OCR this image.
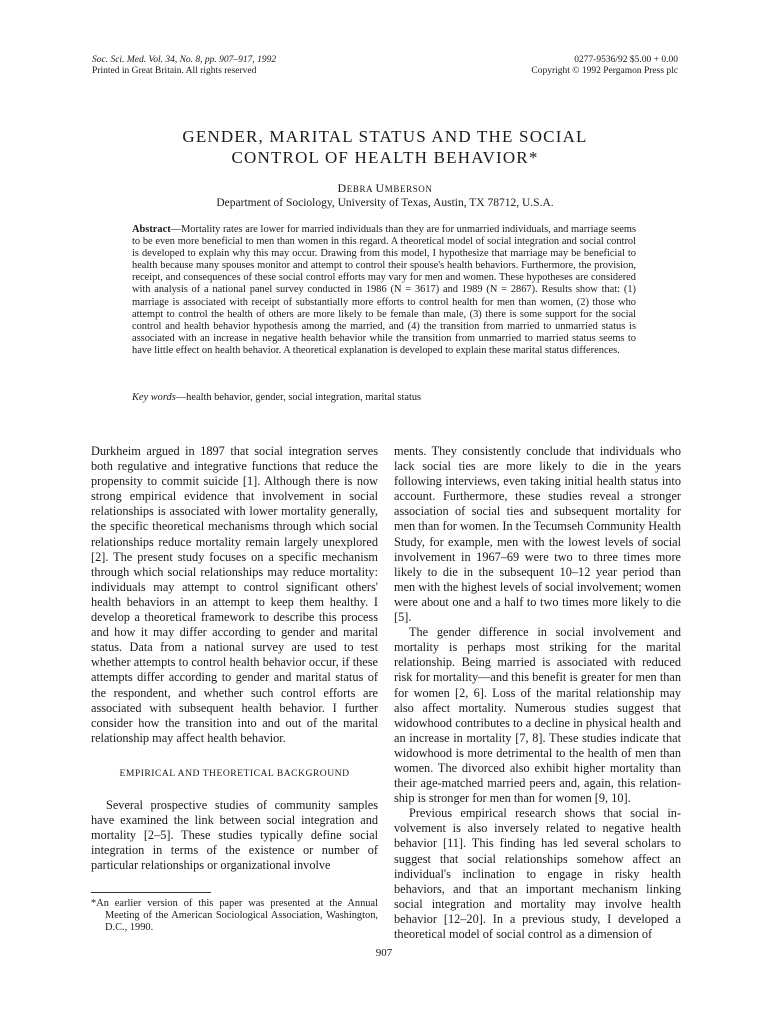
Soc. Sci. Med. Vol. 34, No. 8, pp. 907–917, 1992
Printed in Great Britain. All rights reserved
0277-9536/92 $5.00 + 0.00
Copyright © 1992 Pergamon Press plc
GENDER, MARITAL STATUS AND THE SOCIAL
CONTROL OF HEALTH BEHAVIOR*
DEBRA UMBERSON
Department of Sociology, University of Texas, Austin, TX 78712, U.S.A.
Abstract—Mortality rates are lower for married individuals than they are for unmarried individuals, and marriage seems to be even more beneficial to men than women in this regard. A theoretical model of social integration and social control is developed to explain why this may occur. Drawing from this model, I hypothesize that marriage may be beneficial to health because many spouses monitor and attempt to control their spouse's health behaviors. Furthermore, the provision, receipt, and consequences of these social control efforts may vary for men and women. These hypotheses are considered with analysis of a national panel survey conducted in 1986 (N = 3617) and 1989 (N = 2867). Results show that: (1) marriage is associated with receipt of substantially more efforts to control health for men than women, (2) those who attempt to control the health of others are more likely to be female than male, (3) there is some support for the social control and health behavior hypothesis among the married, and (4) the transition from married to unmarried status is associated with an increase in negative health behavior while the transition from unmarried to married status seems to have little effect on health behavior. A theoretical explanation is developed to explain these marital status differences.
Key words—health behavior, gender, social integration, marital status

Durkheim argued in 1897 that social integration serves both regulative and integrative functions that reduce the propensity to commit suicide [1]. Although there is now strong empirical evidence that involvement in social relationships is associated with lower mortality generally, the specific theoretical mechanisms through which social relationships reduce mortality remain largely unexplored [2]. The present study focuses on a specific mechanism through which social relationships may reduce mortality: individuals may attempt to control significant others' health behaviors in an attempt to keep them healthy. I develop a theoretical framework to describe this process and how it may differ according to gender and marital status. Data from a national survey are used to test whether attempts to control health behavior occur, if these attempts differ according to gender and marital status of the respondent, and whether such control efforts are associated with subsequent health behavior. I further consider how the transition into and out of the marital relationship may affect health behavior.

EMPIRICAL AND THEORETICAL BACKGROUND

Several prospective studies of community samples have examined the link between social integration and mortality [2–5]. These studies typically define social integration in terms of the existence or number of particular relationships or organizational involve

ments. They consistently conclude that individuals who lack social ties are more likely to die in the years following interviews, even taking initial health status into account. Furthermore, these studies reveal a stronger association of social ties and subsequent mortality for men than for women. In the Tecumseh Community Health Study, for example, men with the lowest levels of social involvement in 1967–69 were two to three times more likely to die in the subsequent 10–12 year period than men with the highest levels of social involvement; women were about one and a half to two times more likely to die [5].

The gender difference in social involvement and mortality is perhaps most striking for the marital relationship. Being married is associated with reduced risk for mortality—and this benefit is greater for men than for women [2, 6]. Loss of the marital relationship may also affect mortality. Numerous studies suggest that widowhood contributes to a decline in physical health and an increase in mortality [7, 8]. These studies indicate that widowhood is more detrimental to the health of men than women. The divorced also exhibit higher mortality than their age-matched married peers and, again, this relationship is stronger for men than for women [9, 10].

Previous empirical research shows that social involvement is also inversely related to negative health behavior [11]. This finding has led several scholars to suggest that social relationships somehow affect an individual's inclination to engage in risky health behaviors, and that an important mechanism linking social integration and mortality may involve health behavior [12–20]. In a previous study, I developed a theoretical model of social control as a dimension of

*An earlier version of this paper was presented at the Annual Meeting of the American Sociological Association, Washington, D.C., 1990.
907
